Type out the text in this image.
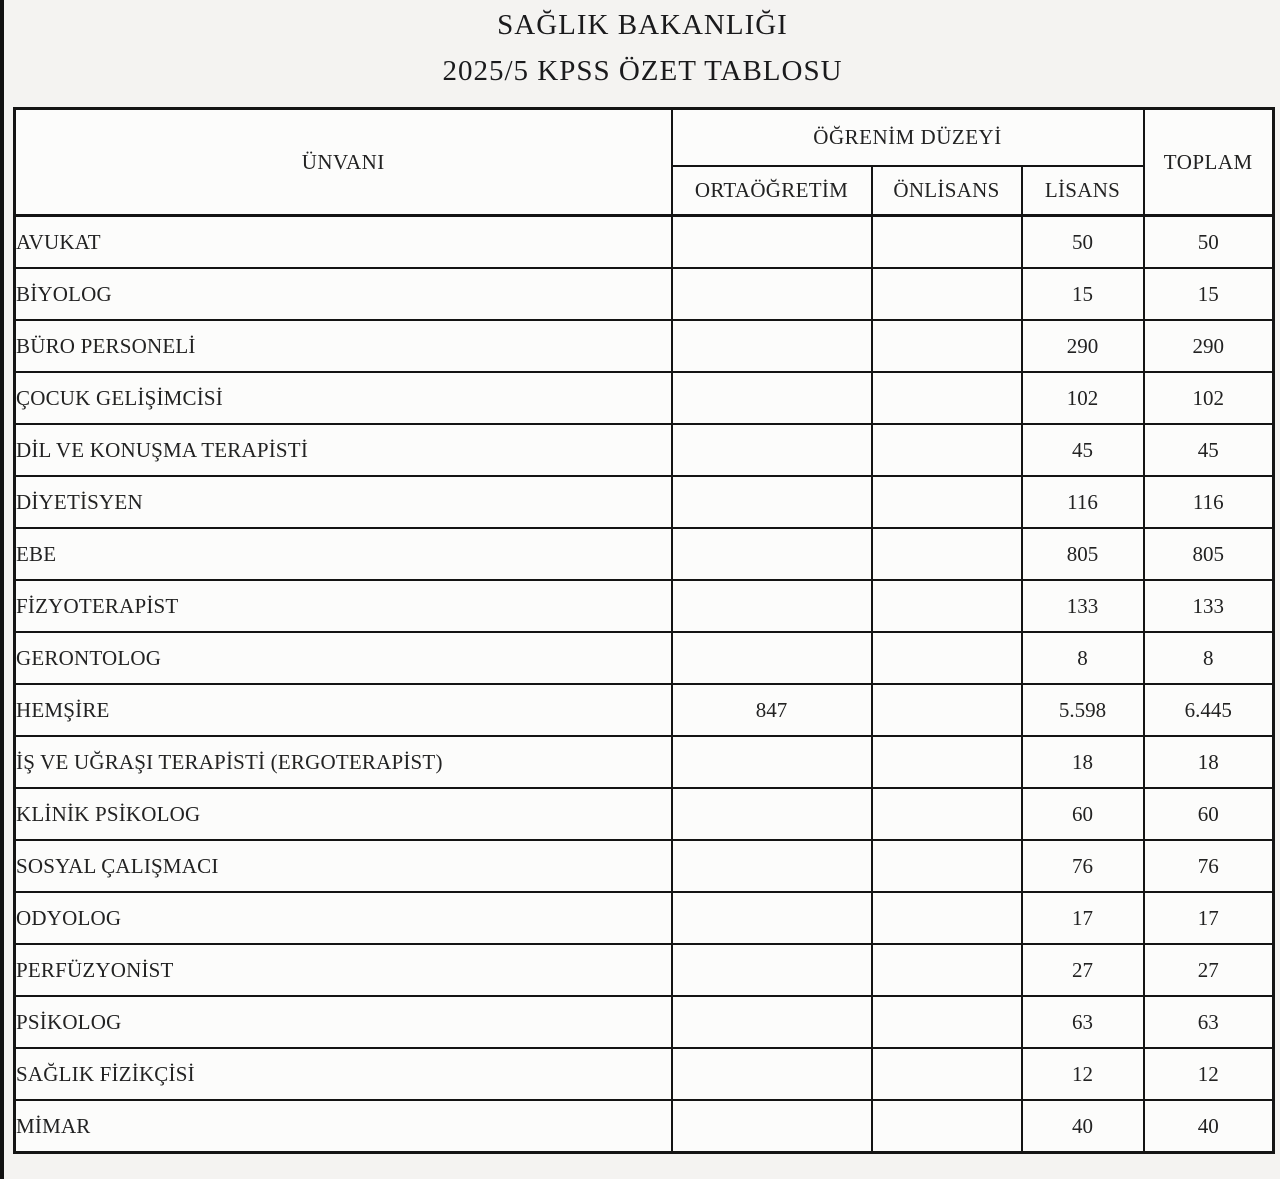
SAĞLIK BAKANLIĞI
2025/5 KPSS ÖZET TABLOSU
ÜNVANI	ÖĞRENİM DÜZEYİ			TOPLAM
	ORTAÖĞRETİM	ÖNLİSANS	LİSANS	
AVUKAT			50	50
BİYOLOG			15	15
BÜRO PERSONELİ			290	290
ÇOCUK GELİŞİMCİSİ			102	102
DİL VE KONUŞMA TERAPİSTİ			45	45
DİYETİSYEN			116	116
EBE			805	805
FİZYOTERAPİST			133	133
GERONTOLOG			8	8
HEMŞİRE	847		5.598	6.445
İŞ VE UĞRAŞI TERAPİSTİ (ERGOTERAPİST)			18	18
KLİNİK PSİKOLOG			60	60
SOSYAL ÇALIŞMACI			76	76
ODYOLOG			17	17
PERFÜZYONİST			27	27
PSİKOLOG			63	63
SAĞLIK FİZİKÇİSİ			12	12
MİMAR			40	40
